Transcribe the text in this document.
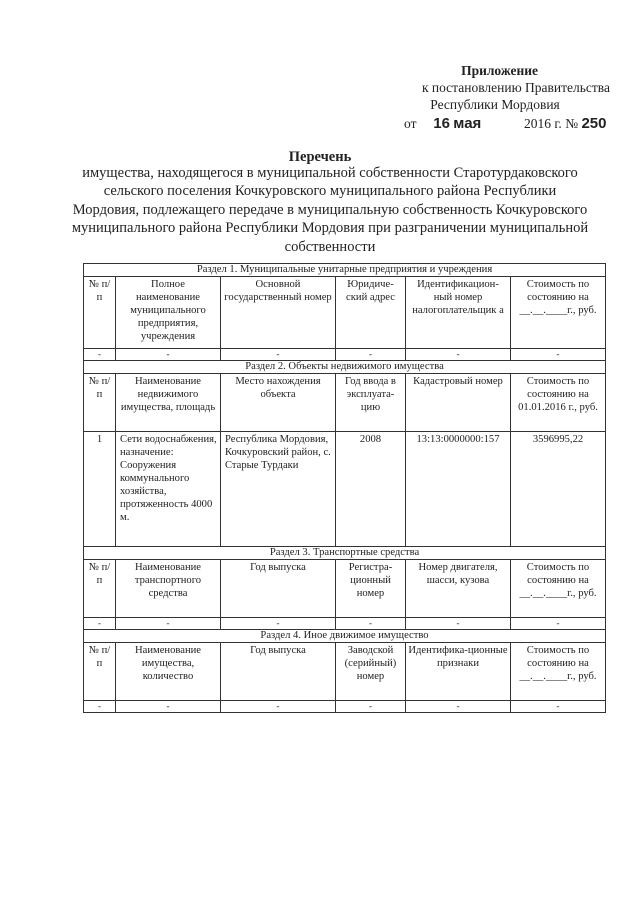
Приложение
к постановлению Правительства
Республики Мордовия
от 16 мая	2016 г. № 250
Перечень
имущества, находящегося в муниципальной собственности Старотурдаковского сельского поселения Кочкуровского муниципального района Республики Мордовия, подлежащего передаче в муниципальную собственность Кочкуровского муниципального района Республики Мордовия при разграничении муниципальной собственности
Раздел 1. Муниципальные унитарные предприятия и учреждения					
№ п/п	Полное наименование муниципального предприятия, учреждения	Основной государственный номер	Юридиче-ский адрес	Идентификацион-ный номер налогоплательщик а	Стоимость по состоянию на __.__.____г., руб.
-	-	-	-	-	-
Раздел 2. Объекты недвижимого имущества					
№ п/п	Наименование недвижимого имущества, площадь	Место нахождения объекта	Год ввода в эксплуата-цию	Кадастровый номер	Стоимость по состоянию на 01.01.2016 г., руб.
1	Сети водоснабжения, назначение: Сооружения коммунального хозяйства, протяженность 4000 м.	Республика Мордовия, Кочкуровский район, с. Старые Турдаки	2008	13:13:0000000:157	3596995,22
Раздел 3. Транспортные средства					
№ п/п	Наименование транспортного средства	Год выпуска	Регистра-ционный номер	Номер двигателя, шасси, кузова	Стоимость по состоянию на __.__.____г., руб.
-	-	-	-	-	-
Раздел 4. Иное движимое имущество					
№ п/п	Наименование имущества, количество	Год выпуска	Заводской (серийный) номер	Идентифика-ционные признаки	Стоимость по состоянию на __.__.____г., руб.
-	-	-	-	-	-
